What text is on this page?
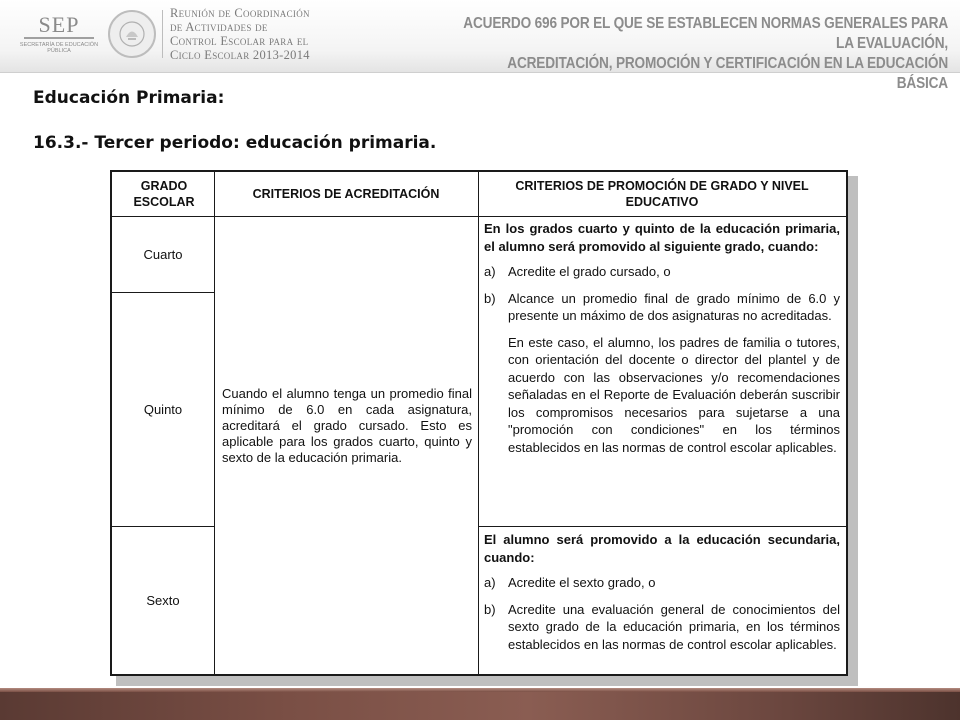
SEP
SECRETARÍA DE EDUCACIÓN PÚBLICA
Reunión de Coordinación
de Actividades de
Control Escolar para el
Ciclo Escolar 2013-2014
ACUERDO 696 POR EL QUE SE ESTABLECEN NORMAS GENERALES PARA LA EVALUACIÓN,
ACREDITACIÓN, PROMOCIÓN Y CERTIFICACIÓN EN LA EDUCACIÓN BÁSICA
Educación Primaria:
16.3.- Tercer periodo: educación primaria.
GRADO ESCOLAR
CRITERIOS DE ACREDITACIÓN
CRITERIOS DE PROMOCIÓN DE GRADO Y NIVEL EDUCATIVO
Cuarto
Quinto
Sexto
Cuando el alumno tenga un promedio final mínimo de 6.0 en cada asignatura, acreditará el grado cursado. Esto es aplicable para los grados cuarto, quinto y sexto de la educación primaria.
En los grados cuarto y quinto de la educación primaria, el alumno será promovido al siguiente grado, cuando:
a) Acredite el grado cursado, o
b) Alcance un promedio final de grado mínimo de 6.0 y presente un máximo de dos asignaturas no acreditadas.
En este caso, el alumno, los padres de familia o tutores, con orientación del docente o director del plantel y de acuerdo con las observaciones y/o recomendaciones señaladas en el Reporte de Evaluación deberán suscribir los compromisos necesarios para sujetarse a una "promoción con condiciones" en los términos establecidos en las normas de control escolar aplicables.
El alumno será promovido a la educación secundaria, cuando:
a) Acredite el sexto grado, o
b) Acredite una evaluación general de conocimientos del sexto grado de la educación primaria, en los términos establecidos en las normas de control escolar aplicables.
